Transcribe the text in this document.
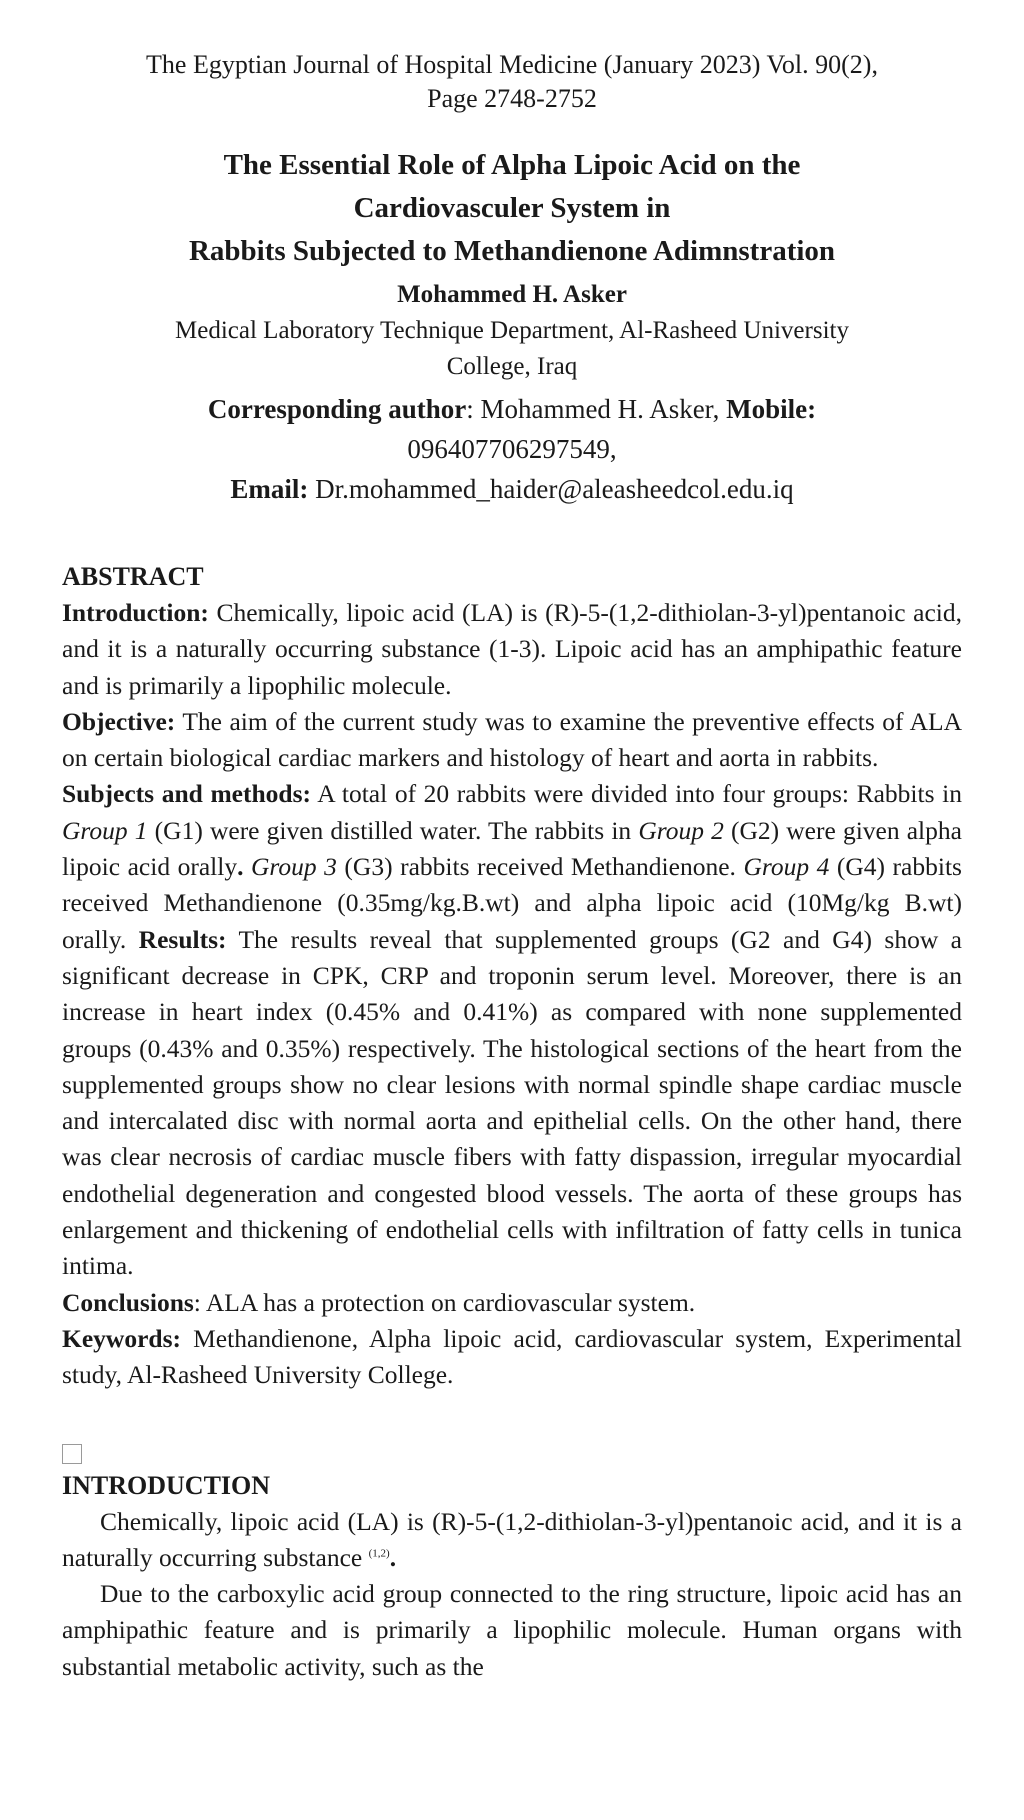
The Egyptian Journal of Hospital Medicine (January 2023) Vol. 90(2),

Page 2748-2752

The Essential Role of Alpha Lipoic Acid on the

Cardiovasculer System in

Rabbits Subjected to Methandienone Adimnstration

Mohammed H. Asker

Medical Laboratory Technique Department, Al-Rasheed University

College, Iraq

Corresponding author: Mohammed H. Asker, Mobile:

096407706297549,

Email: Dr.mohammed_haider@aleasheedcol.edu.iq

ABSTRACT

Introduction: Chemically, lipoic acid (LA) is (R)-5-(1,2-dithiolan-3-yl)pentanoic acid, and it is a naturally occurring substance (1-3). Lipoic acid has an amphipathic feature and is primarily a lipophilic molecule.

Objective: The aim of the current study was to examine the preventive effects of ALA on certain biological cardiac markers and histology of heart and aorta in rabbits.

Subjects and methods: A total of 20 rabbits were divided into four groups: Rabbits in Group 1 (G1) were given distilled water. The rabbits in Group 2 (G2) were given alpha lipoic acid orally. Group 3 (G3) rabbits received Methandienone. Group 4 (G4) rabbits received Methandienone (0.35mg/kg.B.wt) and alpha lipoic acid (10Mg/kg B.wt) orally. Results: The results reveal that supplemented groups (G2 and G4) show a significant decrease in CPK, CRP and troponin serum level. Moreover, there is an increase in heart index (0.45% and 0.41%) as compared with none supplemented groups (0.43% and 0.35%) respectively. The histological sections of the heart from the supplemented groups show no clear lesions with normal spindle shape cardiac muscle and intercalated disc with normal aorta and epithelial cells. On the other hand, there was clear necrosis of cardiac muscle fibers with fatty dispassion, irregular myocardial endothelial degeneration and congested blood vessels. The aorta of these groups has enlargement and thickening of endothelial cells with infiltration of fatty cells in tunica intima.

Conclusions: ALA has a protection on cardiovascular system.

Keywords: Methandienone, Alpha lipoic acid, cardiovascular system, Experimental study, Al-Rasheed University College.

INTRODUCTION

Chemically, lipoic acid (LA) is (R)-5-(1,2-dithiolan-3-yl)pentanoic acid, and it is a naturally occurring substance $^{(1,2)}$.

Due to the carboxylic acid group connected to the ring structure, lipoic acid has an amphipathic feature and is primarily a lipophilic molecule. Human organs with substantial metabolic activity, such as the
